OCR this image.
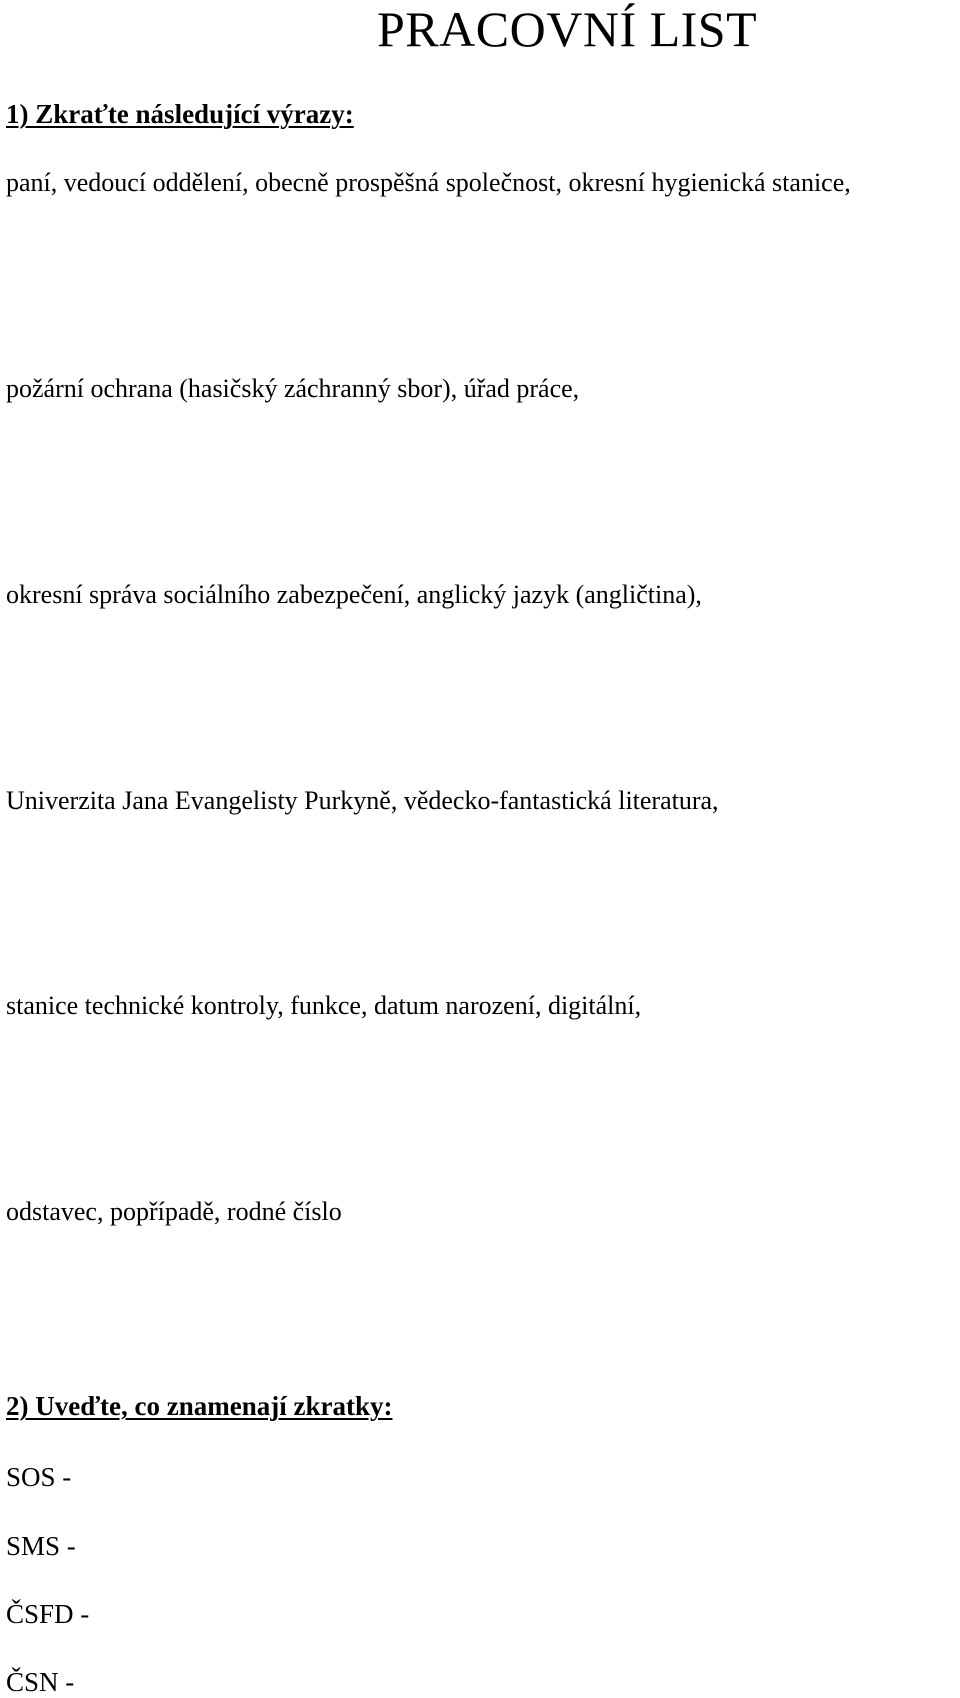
PRACOVNÍ LIST
1) Zkraťte následující výrazy:
paní, vedoucí oddělení, obecně prospěšná společnost, okresní hygienická stanice,
požární ochrana (hasičský záchranný sbor), úřad práce,
okresní správa sociálního zabezpečení, anglický jazyk (angličtina),
Univerzita Jana Evangelisty Purkyně, vědecko-fantastická literatura,
stanice technické kontroly, funkce, datum narození, digitální,
odstavec, popřípadě, rodné číslo
2) Uveďte, co znamenají zkratky:
SOS -
SMS -
ČSFD -
ČSN -
